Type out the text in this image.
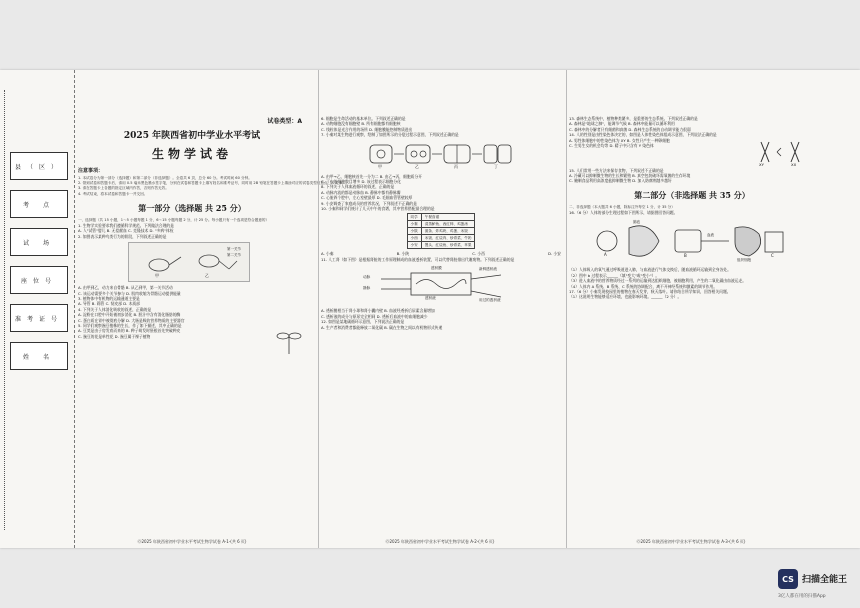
县（区）
考 点
试 场
座位号
准考证号
姓 名
试卷类型：A
2025 年陕西省初中学业水平考试
生物学试卷
注意事项：

1. 本试卷分为第一部分（选择题）和第二部分（非选择题）。全卷共 6 页，总分 60 分。考试时间 60 分钟。

2. 领到试卷和答题卡后，请用 0.5 毫米黑色墨水签字笔，分别在试卷和答题卡上填写姓名和准考证号，同时用 2B 铅笔在答题卡上填涂对应的试卷类型信息点（A 或 B）。

3. 请在答题卡上各题的指定区域内作答，否则作答无效。

4. 考试结束，将本试卷和答题卡一并交回。

第一部分（选择题 共 25 分）

一、选择题（共 15 小题，1～5 小题每题 1 分，6～15 小题每题 2 分，计 25 分。每小题只有一个选项是符合题意的）

1. 生物学实验要求我们遵循科学规范。下列做法合理的是

A. 人"试管"婴儿 B. 无偿献血 C. 克隆技术 D. "多病"体检

2. 如图表示某种鸟类行为的阶段，下列叙述正确的是

甲	乙
第一关节
第二关节

A. 由甲到乙，动力来自骨骼 B. 从乙到甲，第一关节活动

C. 该运动需要多个关节参与 D. 肌肉收缩为骨骼运动提供能量

3. 植物体中有机物的运输通道主要是

A. 导管 B. 筛管 C. 韧皮部 D. 木质部

4. 下列关于人体消化吸收的叙述，正确的是

A. 淀粉在口腔中开始被初步消化 B. 胆汁中含有消化脂肪的酶

C. 蛋白质在胃中被彻底分解 D. 大肠是吸收营养物质的主要器官

5. 同学们观察豌豆植株的生长，作了如下描述，其中正确的是

A. 豆荚是由子房发育而来的 B. 种子萌发时胚根首先突破种皮

C. 豌豆的花是单性花 D. 豌豆属于裸子植物

⓪2025 年陕西省初中学业水平考试生物学试卷 A-1-(共 6 页)

6. 细胞是生命活动的基本单位。下列叙述正确的是

A. 动物细胞没有细胞壁 B. 所有细胞都有细胞核

C. 线粒体是光合作用的场所 D. 细胞膜能控制物质进出

7. 小秦对某生物进行观察，绘制了如图所示的分裂过程示意图，下列叙述正确的是

甲	乙	丙	丁

A. 由甲→乙，细胞核首先一分为二 B. 由乙→丙，细胞质分开

C. 丁中的细胞数目增多 D. 该过程表示细胞分化

8. 下列关于人体血液循环的叙述，正确的是

A. 动脉内流的都是动脉血 B. 静脉中都有静脉瓣

C. 心脏四个腔中，左心室壁最厚 D. 毛细血管管壁较厚

9. 小安调查了家庭成员的营养状况，下列叙述不正确的是

10. 小秦和同学们统计了几天中午的食谱，其中营养搭配最合理的是

同学	午餐食谱
小秦	清蒸鲈鱼、西红柿、鸡蛋汤
小陕	面条、炸鸡块、鸡蛋、米饭
小西	米饭、红烧肉、炒青菜、牛奶
小安	馒头、红烧鱼、炒青菜、苹果
A. 小秦	B. 小陕	C. 小西	D. 小安

11. 人工肾（如下图）是根据肾脏的工作原理制成的血液透析装置，可以代替肾脏排出代谢废物。下列叙述正确的是

动脉
静脉
透析液
透析膜	新鲜透析液
用过的透析液

A. 透析膜相当于肾小球和肾小囊内壁 B. 血液经透析后尿素含量增加

C. 透析液的成分与原尿完全相同 D. 透析后血液中的血细胞减少

12. 如图是某地碳循环示意图，下列说法正确的是

A. 生产者和消费者都能释放二氧化碳 B. 碳在生物之间以有机物形式传递

⓪2025 年陕西省初中学业水平考试生物学试卷 A-2-(共 6 页)

13. 森林生态系统中，植物种类繁多，是重要的生态系统。下列叙述正确的是

A. 森林是"地球之肺"，能调节气候 B. 森林中能量可以循环利用

C. 森林中的分解者只有细菌和真菌 D. 森林生态系统的自动调节能力很弱

14. 人的性别是由性染色体决定的，如图是人体性染色体组成示意图，下列说法正确的是

A. 男性体细胞中的性染色体为 XY B. 女性只产生一种卵细胞

C. 生男生女的机会均等 D. 精子中只含有 Y 染色体

XY	XX

15. 人们常用一些方法来保存食物，下列叙述不正确的是

A. 冷藏可以抑制微生物的生长和繁殖 B. 真空包装破坏需氧菌的生存环境

C. 腌制食品利用高浓度盐抑制微生物 D. 加入防腐剂越多越好

第二部分（非选择题 共 35 分）

二、非选择题（本大题共 6 小题，除标注外每空 1 分，计 35 分）

16.（6 分）人体的部分生理过程如下图所示，请据图回答问题。

A	B	C
肺泡
血液
组织细胞

（1）人体吸入的氧气通过呼吸道进入肺，与血液进行气体交换后，随血液循环运输到全身各处。

（2）图中 b 过程表示______（填"变大"或"变小"）。

（3）进入血液中的营养物质经过一系列的运输到达组织细胞，被细胞利用，产生的二氧化碳由血液运走。

（4）人体内 A 系统、B 系统、C 系统的协调配合，离不开神经系统和激素的调节作用。

17.（6 分）小秦发现校园里的植物在春天发芽，秋天落叶。请你结合所学知识，回答相关问题。

（1）这说明生物能够适应环境，也能影响环境。______（2 分）。

⓪2025 年陕西省初中学业水平考试生物学试卷 A-3-(共 6 页)
CS 扫描全能王
3亿人都在用的扫描App
